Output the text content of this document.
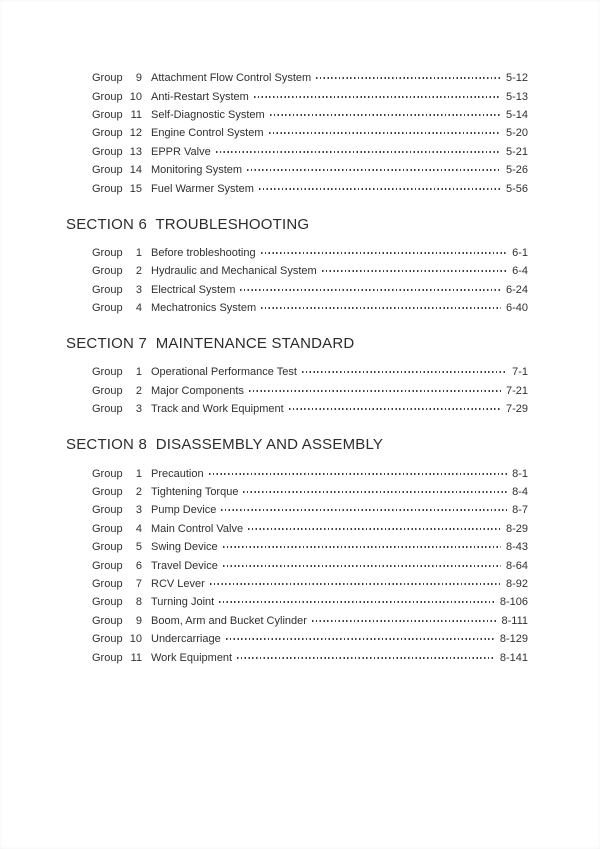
Group	9 Attachment Flow Control System	5-12
Group 10 Anti-Restart System	5-13
Group 11 Self-Diagnostic System	5-14
Group 12 Engine Control System	5-20
Group 13 EPPR Valve	5-21
Group 14 Monitoring System	5-26
Group 15 Fuel Warmer System	5-56
SECTION 6  TROUBLESHOOTING
Group	1 Before trobleshooting	6-1
Group	2 Hydraulic and Mechanical System	6-4
Group	3 Electrical System	6-24
Group	4 Mechatronics System	6-40
SECTION 7  MAINTENANCE STANDARD
Group	1 Operational Performance Test	7-1
Group	2 Major Components	7-21
Group	3 Track and Work Equipment	7-29
SECTION 8  DISASSEMBLY AND ASSEMBLY
Group	1 Precaution	8-1
Group	2 Tightening Torque	8-4
Group	3 Pump Device	8-7
Group	4 Main Control Valve	8-29
Group	5 Swing Device	8-43
Group	6 Travel Device	8-64
Group	7 RCV Lever	8-92
Group	8 Turning Joint	8-106
Group	9 Boom, Arm and Bucket Cylinder	8-111
Group 10 Undercarriage	8-129
Group 11 Work Equipment	8-141
